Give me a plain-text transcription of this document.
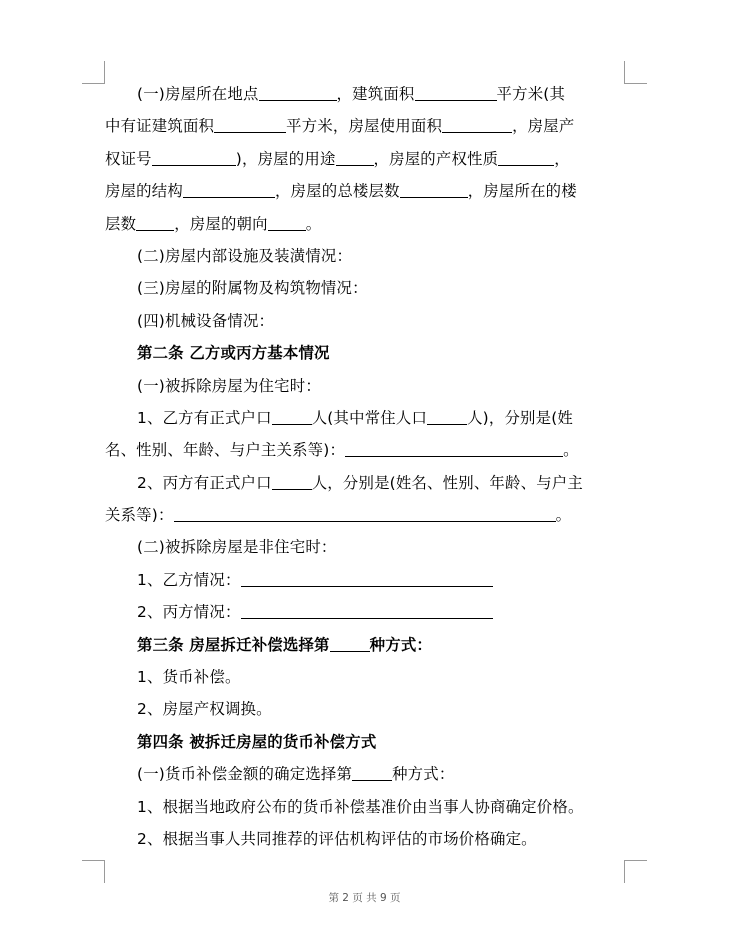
(一)房屋所在地点	，建筑面积	平方米(其
中有证建筑面积	平方米，房屋使用面积	，房屋产
权证号	)，房屋的用途 ，房屋的产权性质	，
房屋的结构	，房屋的总楼层数	，房屋所在的楼
层数 ，房屋的朝向 。
(二)房屋内部设施及装潢情况：
(三)房屋的附属物及构筑物情况：
(四)机械设备情况：
第二条 乙方或丙方基本情况
(一)被拆除房屋为住宅时：
1、乙方有正式户口	人(其中常住人口	人)，分别是(姓
名、性别、年龄、与户主关系等)：	。
2、丙方有正式户口	人，分别是(姓名、性别、年龄、与户主
关系等)：	。
(二)被拆除房屋是非住宅时：
1、乙方情况：
2、丙方情况：
第三条 房屋拆迁补偿选择第	种方式：
1、货币补偿。
2、房屋产权调换。
第四条 被拆迁房屋的货币补偿方式
(一)货币补偿金额的确定选择第	种方式：
1、根据当地政府公布的货币补偿基准价由当事人协商确定价格。
2、根据当事人共同推荐的评估机构评估的市场价格确定。
第 2 页 共 9 页
